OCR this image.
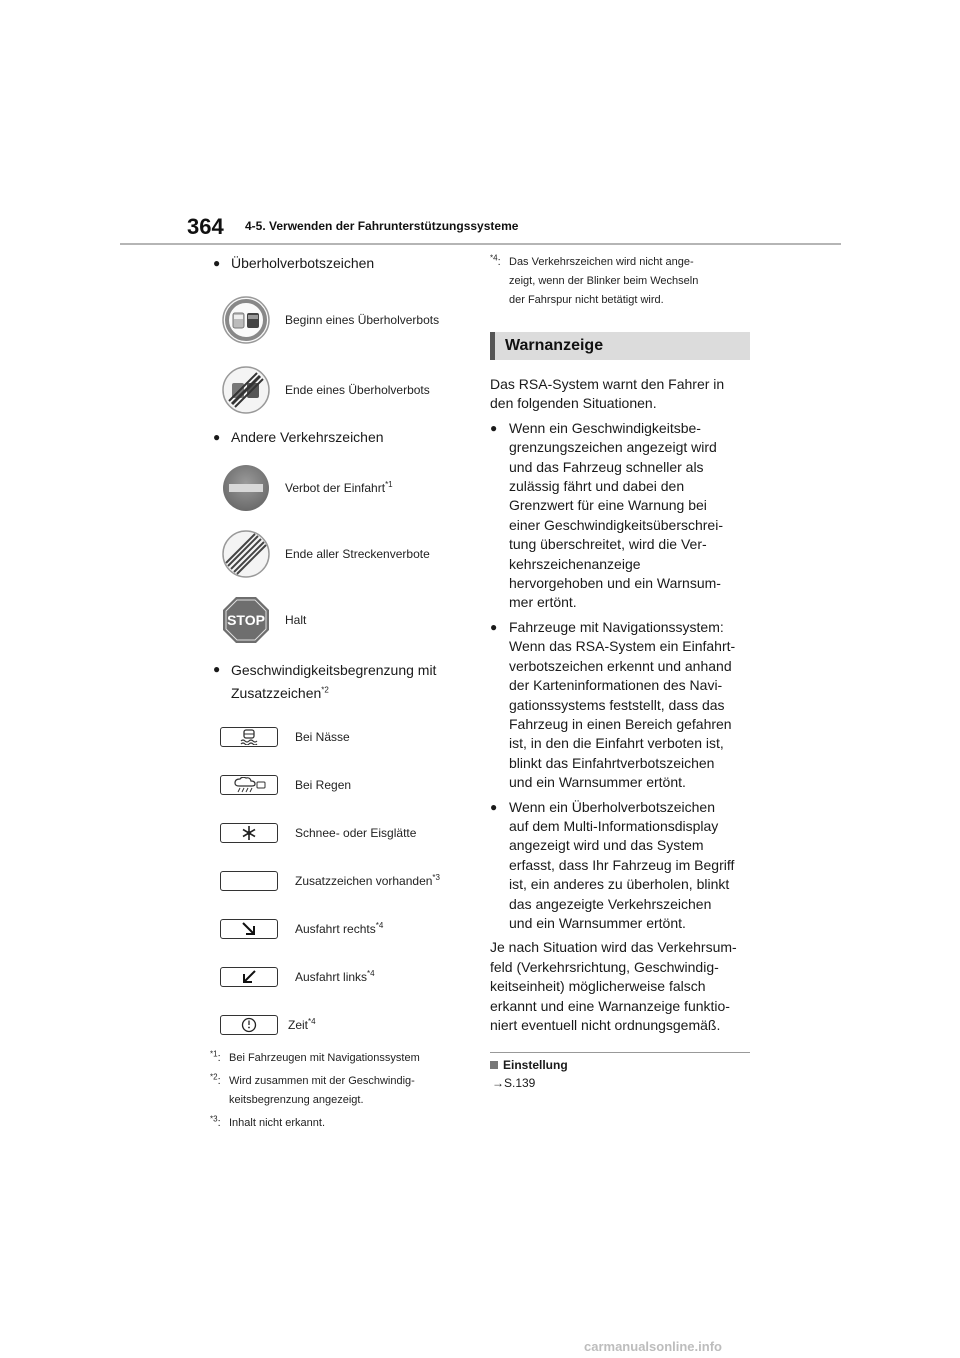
364 4-5. Verwenden der Fahrunterstützungssysteme
● Überholverbotszeichen
Beginn eines Überholverbots
Ende eines Überholverbots
● Andere Verkehrszeichen
Verbot der Einfahrt$^{*1}$
Ende aller Streckenverbote
STOP Halt
● Geschwindigkeitsbegrenzung mit
Zusatzzeichen$^{*2}$
Bei Nässe
Bei Regen
Schnee- oder Eisglätte
Zusatzzeichen vorhanden$^{*3}$
Ausfahrt rechts$^{*4}$
Ausfahrt links$^{*4}$
Zeit$^{*4}$
$^{*1}$: Bei Fahrzeugen mit Navigationssystem
$^{*2}$: Wird zusammen mit der Geschwindig-
keitsbegrenzung angezeigt.
$^{*3}$: Inhalt nicht erkannt.
$^{*4}$: Das Verkehrszeichen wird nicht ange-
zeigt, wenn der Blinker beim Wechseln
der Fahrspur nicht betätigt wird.
Warnanzeige
Das RSA-System warnt den Fahrer in
den folgenden Situationen.
● Wenn ein Geschwindigkeitsbe-
grenzungszeichen angezeigt wird
und das Fahrzeug schneller als
zulässig fährt und dabei den
Grenzwert für eine Warnung bei
einer Geschwindigkeitsüberschrei-
tung überschreitet, wird die Ver-
kehrszeichenanzeige
hervorgehoben und ein Warnsum-
mer ertönt.
● Fahrzeuge mit Navigationssystem:
Wenn das RSA-System ein Einfahrt-
verbotszeichen erkennt und anhand
der Karteninformationen des Navi-
gationssystems feststellt, dass das
Fahrzeug in einen Bereich gefahren
ist, in den die Einfahrt verboten ist,
blinkt das Einfahrtverbotszeichen
und ein Warnsummer ertönt.
● Wenn ein Überholverbotszeichen
auf dem Multi-Informationsdisplay
angezeigt wird und das System
erfasst, dass Ihr Fahrzeug im Begriff
ist, ein anderes zu überholen, blinkt
das angezeigte Verkehrszeichen
und ein Warnsummer ertönt.
Je nach Situation wird das Verkehrsum-
feld (Verkehrsrichtung, Geschwindig-
keitseinheit) möglicherweise falsch
erkannt und eine Warnanzeige funktio-
niert eventuell nicht ordnungsgemäß.
Einstellung
→S.139
carmanualsonline.info
